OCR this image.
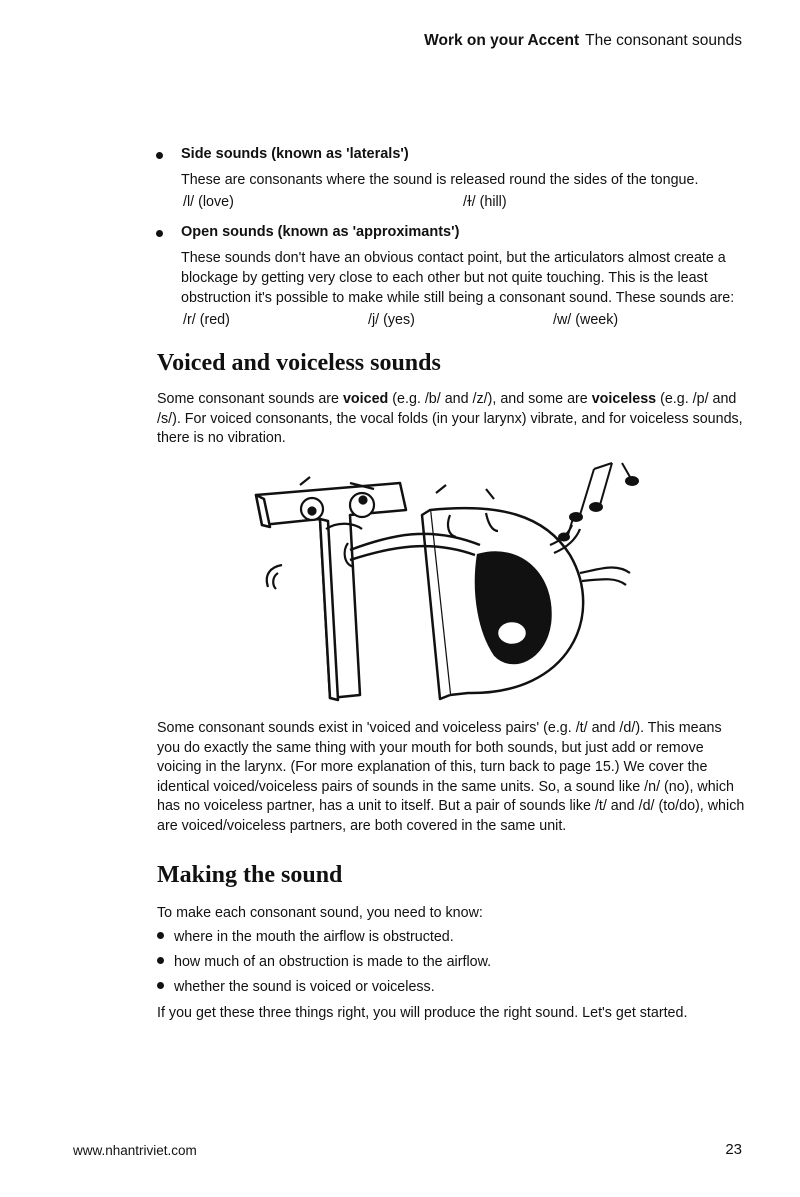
Work on your Accent The consonant sounds
Side sounds (known as 'laterals')
These are consonants where the sound is released round the sides of the tongue.
/l/ (love)	/ɫ/ (hill)
Open sounds (known as 'approximants')
These sounds don't have an obvious contact point, but the articulators almost create a blockage by getting very close to each other but not quite touching. This is the least obstruction it's possible to make while still being a consonant sound. These sounds are:
/r/ (red)	/j/ (yes)	/w/ (week)
Voiced and voiceless sounds

Some consonant sounds are voiced (e.g. /b/ and /z/), and some are voiceless (e.g. /p/ and /s/). For voiced consonants, the vocal folds (in your larynx) vibrate, and for voiceless sounds, there is no vibration.

Some consonant sounds exist in 'voiced and voiceless pairs' (e.g. /t/ and /d/). This means you do exactly the same thing with your mouth for both sounds, but just add or remove voicing in the larynx. (For more explanation of this, turn back to page 15.) We cover the identical voiced/voiceless pairs of sounds in the same units. So, a sound like /n/ (no), which has no voiceless partner, has a unit to itself. But a pair of sounds like /t/ and /d/ (to/do), which are voiced/voiceless partners, are both covered in the same unit.

Making the sound

To make each consonant sound, you need to know:

where in the mouth the airflow is obstructed.
how much of an obstruction is made to the airflow.
whether the sound is voiced or voiceless.

If you get these three things right, you will produce the right sound. Let's get started.

www.nhantriviet.com	23
